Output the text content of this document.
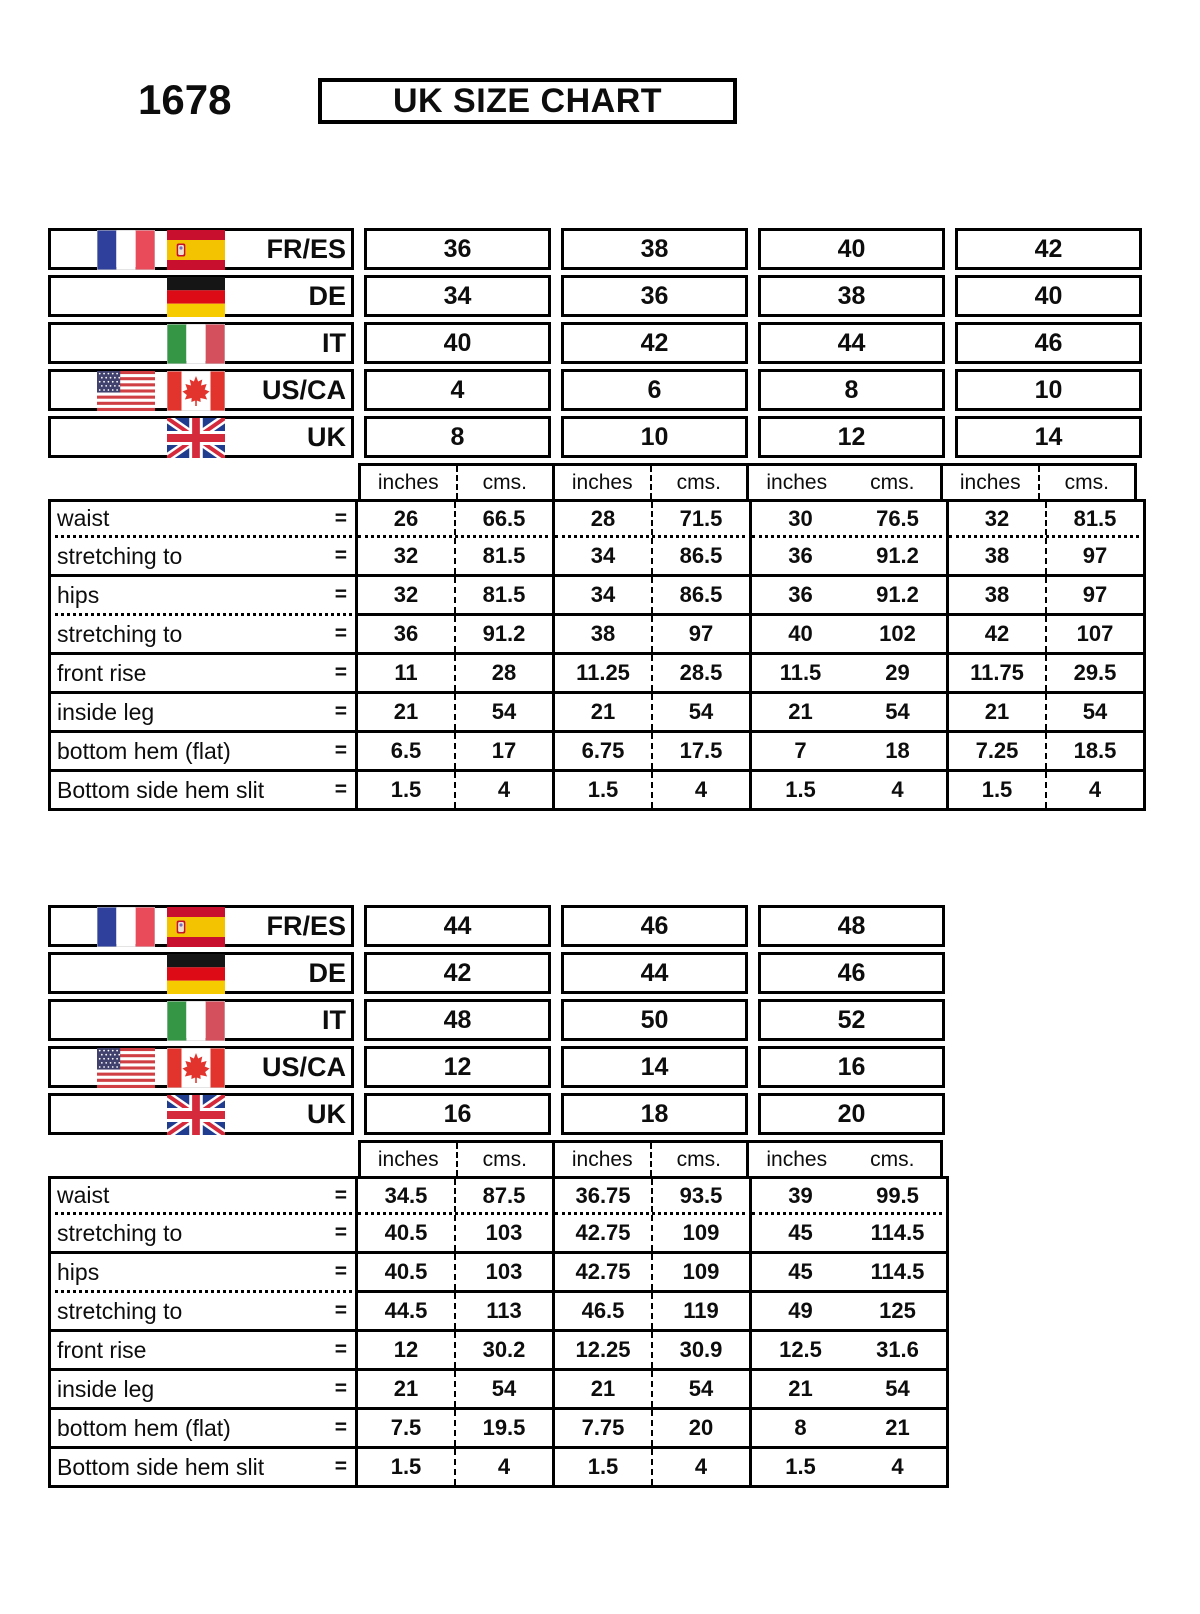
1678	UK SIZE CHART
FR/ES	36	38	40	42
DE	34	36	38	40
IT	40	42	44	46
US/CA	4	6	8	10
UK	8	10	12	14
inches	cms.	inches	cms.	inches	cms.	inches	cms.
waist	=	26	66.5	28	71.5	30	76.5	32	81.5
stretching to	=	32	81.5	34	86.5	36	91.2	38	97
hips	=	32	81.5	34	86.5	36	91.2	38	97
stretching to	=	36	91.2	38	97	40	102	42	107
front rise	=	11	28	11.25	28.5	11.5	29	11.75	29.5
inside leg	=	21	54	21	54	21	54	21	54
bottom hem (flat)	=	6.5	17	6.75	17.5	7	18	7.25	18.5
Bottom side hem slit	=	1.5	4	1.5	4	1.5	4	1.5	4
FR/ES	44	46	48
DE	42	44	46
IT	48	50	52
US/CA	12	14	16
UK	16	18	20
inches	cms.	inches	cms.	inches	cms.
waist	=	34.5	87.5	36.75	93.5	39	99.5
stretching to	=	40.5	103	42.75	109	45	114.5
hips	=	40.5	103	42.75	109	45	114.5
stretching to	=	44.5	113	46.5	119	49	125
front rise	=	12	30.2	12.25	30.9	12.5	31.6
inside leg	=	21	54	21	54	21	54
bottom hem (flat)	=	7.5	19.5	7.75	20	8	21
Bottom side hem slit	=	1.5	4	1.5	4	1.5	4
